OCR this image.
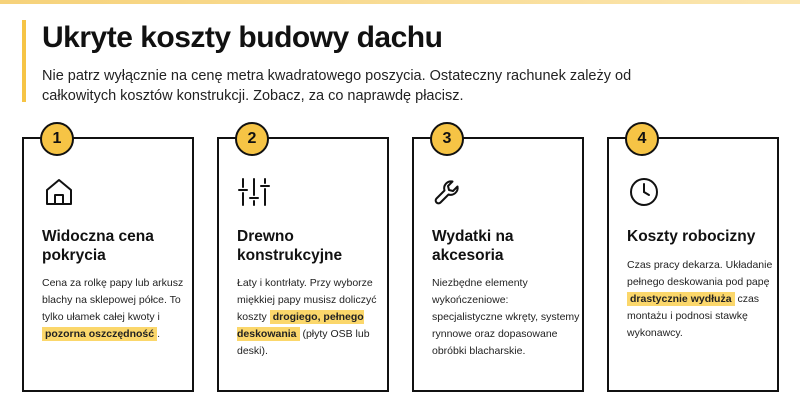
Ukryte koszty budowy dachu

Nie patrz wyłącznie na cenę metra kwadratowego poszycia. Ostateczny rachunek zależy od całkowitych kosztów konstrukcji. Zobacz, za co naprawdę płacisz.

1
Widoczna cena pokrycia
Cena za rolkę papy lub arkusz blachy na sklepowej półce. To tylko ułamek całej kwoty i pozorna oszczędność .
2
Drewno konstrukcyjne
Łaty i kontrłaty. Przy wyborze miękkiej papy musisz doliczyć koszty drogiego, pełnego deskowania (płyty OSB lub deski).
3
Wydatki na akcesoria
Niezbędne elementy wykończeniowe: specjalistyczne wkręty, systemy rynnowe oraz dopasowane obróbki blacharskie.
4
Koszty robocizny
Czas pracy dekarza. Układanie pełnego deskowania pod papę drastycznie wydłuża czas montażu i podnosi stawkę wykonawcy.
